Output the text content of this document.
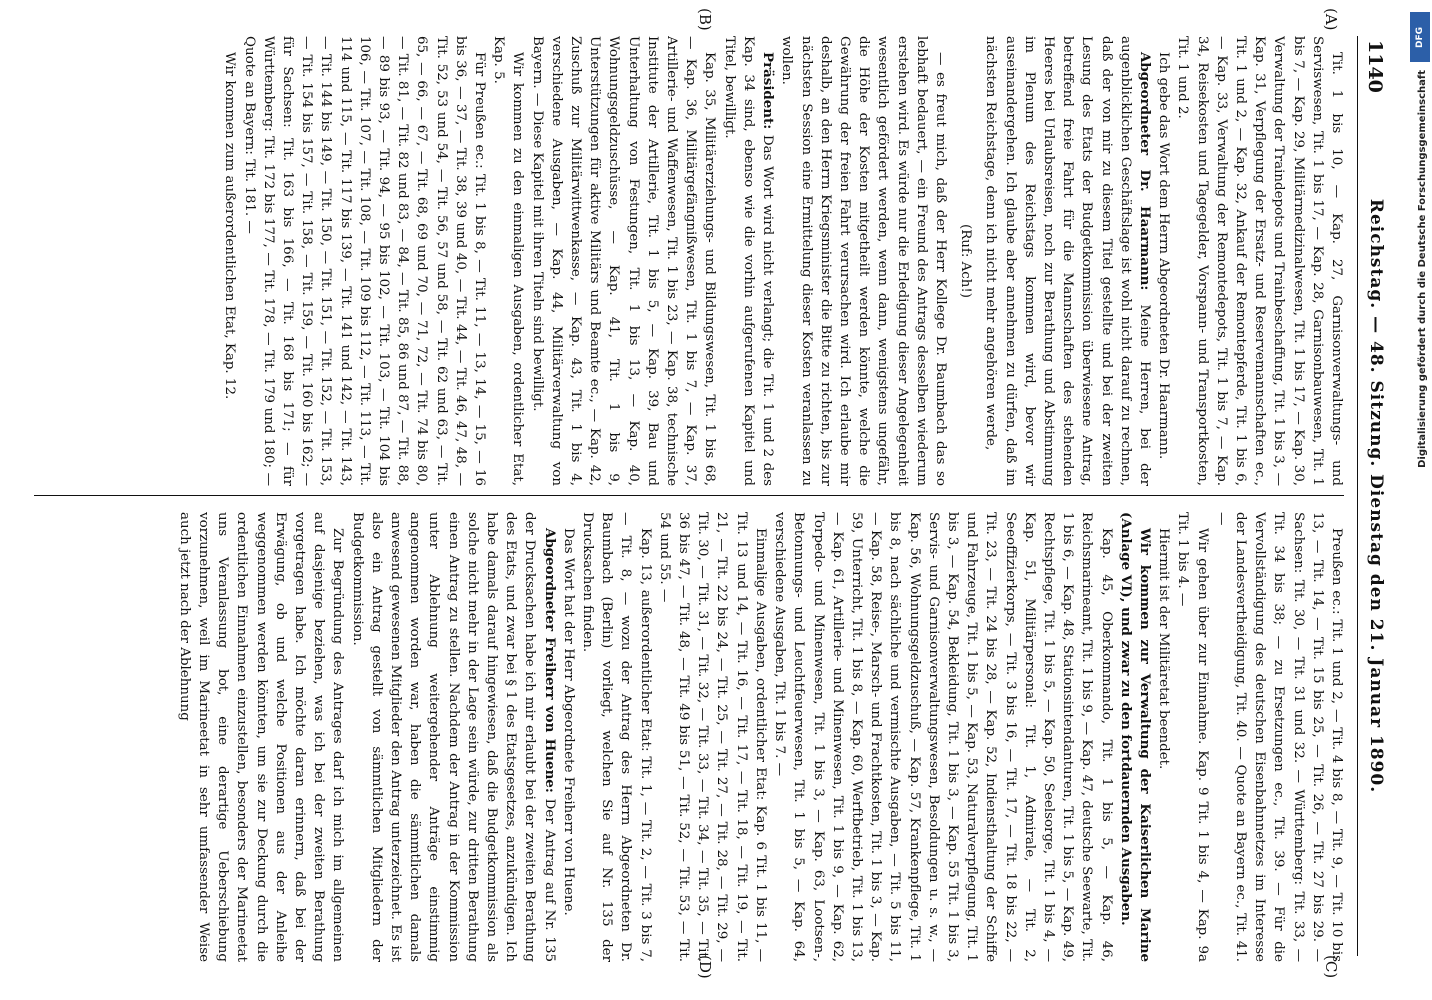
1140
Reichstag. — 48. Sitzung. Dienstag den 21. Januar 1890.
(A)
(B)
(C)
(D)

Tit. 1 bis 10, — Kap. 27, Garnisonverwaltungs- und Serviswesen, Tit. 1 bis 17, — Kap. 28, Garnisonbauwesen, Tit. 1 bis 7, — Kap. 29, Militärmedizinalwesen, Tit. 1 bis 17, — Kap. 30, Verwaltung der Traindepots und Trainbeschaffung, Tit. 1 bis 3, — Kap. 31, Verpflegung der Ersatz- und Reservemannschaften ec., Tit. 1 und 2, — Kap. 32, Ankauf der Remontepferde, Tit. 1 bis 6, — Kap. 33, Verwaltung der Remontedepots, Tit. 1 bis 7, — Kap. 34, Reisekosten und Tagegelder, Vorspann- und Transportkosten, Tit. 1 und 2.

Ich gebe das Wort dem Herrn Abgeordneten Dr. Haarmann.

Abgeordneter Dr. Haarmann: Meine Herren, bei der augenblicklichen Geschäftslage ist wohl nicht darauf zu rechnen, daß der von mir zu diesem Titel gestellte und bei der zweiten Lesung des Etats der Budgetkommission überwiesene Antrag, betreffend freie Fahrt für die Mannschaften des stehenden Heeres bei Urlaubsreisen, noch zur Berathung und Abstimmung im Plenum des Reichstags kommen wird, bevor wir auseinandergehen. Ich glaube aber annehmen zu dürfen, daß im nächsten Reichstage, denn ich nicht mehr angehören werde,

(Ruf: Ach!)

— es freut mich, daß der Herr Kollege Dr. Baumbach das so lebhaft bedauert, — ein Freund des Antrags desselben wiederum erstehen wird. Es würde nur die Erledigung dieser Angelegenheit wesentlich gefördert werden, wenn dann, wenigstens ungefähr, die Höhe der Kosten mitgetheilt werden könnte, welche die Gewährung der freien Fahrt verursachen wird. Ich erlaube mir deshalb, an den Herrn Kriegsminister die Bitte zu richten, bis zur nächsten Session eine Ermittelung dieser Kosten veranlassen zu wollen.

Präsident: Das Wort wird nicht verlangt; die Tit. 1 und 2 des Kap. 34 sind, ebenso wie die vorhin aufgerufenen Kapitel und Titel, bewilligt.

Kap. 35, Militärerziehungs- und Bildungswesen, Tit. 1 bis 68, — Kap. 36, Militärgefängnißwesen, Tit. 1 bis 7, — Kap. 37, Artillerie- und Waffenwesen, Tit. 1 bis 23, — Kap. 38, technische Institute der Artillerie, Tit. 1 bis 5, — Kap. 39, Bau und Unterhaltung von Festungen, Tit. 1 bis 13, — Kap. 40, Wohnungsgeldzuschüsse, — Kap. 41, Tit. 1 bis 9, Unterstützungen für aktive Militärs und Beamte ec., — Kap. 42, Zuschuß zur Militärwittwenkasse, — Kap. 43, Tit. 1 bis 4, verschiedene Ausgaben, — Kap. 44, Militärverwaltung von Bayern. — Diese Kapitel mit ihren Titeln sind bewilligt.

Wir kommen zu den einmaligen Ausgaben, ordentlicher Etat, Kap. 5.

Für Preußen ec.: Tit. 1 bis 8, — Tit. 11, — 13, 14, — 15, — 16 bis 36, — 37, — Tit. 38, 39 und 40, — Tit. 44, — Tit. 46, 47, 48, — Tit. 52, 53 und 54, — Tit. 56, 57 und 58, — Tit. 62 und 63, — Tit. 65, — 66, — 67, — Tit. 68, 69 und 70, — 71, 72, — Tit. 74 bis 80, — Tit. 81, — Tit. 82 und 83, — 84, — Tit. 85, 86 und 87, — Tit. 88, — 89 bis 93, — Tit. 94, — 95 bis 102, — Tit. 103, — Tit. 104 bis 106, — Tit. 107, — Tit. 108, — Tit. 109 bis 112, — Tit. 113, — Tit. 114 und 115, — Tit. 117 bis 139, — Tit. 141 und 142, — Tit. 143, — Tit. 144 bis 149, — Tit. 150, — Tit. 151, — Tit. 152, — Tit. 153, — Tit. 154 bis 157, — Tit. 158, — Tit. 159, — Tit. 160 bis 162; — für Sachsen: Tit. 163 bis 166, — Tit. 168 bis 171; — für Württemberg: Tit. 172 bis 177, — Tit. 178, — Tit. 179 und 180; — Quote an Bayern: Tit. 181. —

Wir kommen zum außerordentlichen Etat, Kap. 12.

Preußen ec.: Tit. 1 und 2, — Tit. 4 bis 8, — Tit. 9, — Tit. 10 bis 13, — Tit. 14, — Tit. 15 bis 25, — Tit. 26, — Tit. 27 bis 29. — Sachsen: Tit. 30, — Tit. 31 und 32. — Württemberg: Tit. 33, — Tit. 34 bis 38; — zu Ersetzungen ec., Tit. 39. — Für die Vervollständigung des deutschen Eisenbahnnetzes im Interesse der Landesvertheidigung, Tit. 40. — Quote an Bayern ec., Tit. 41. —

Wir gehen über zur Einnahme. Kap. 9 Tit. 1 bis 4, — Kap. 9a Tit. 1 bis 4. —

Hiermit ist der Militäretat beendet.

Wir kommen zur Verwaltung der Kaiserlichen Marine (Anlage VI), und zwar zu den fortdauernden Ausgaben.

Kap. 45, Oberkommando, Tit. 1 bis 5, — Kap. 46, Reichsmarineamt, Tit. 1 bis 9, — Kap. 47, deutsche Seewarte, Tit. 1 bis 6, — Kap. 48, Stationsintendanturen, Tit. 1 bis 5, — Kap. 49, Rechtspflege, Tit. 1 bis 5, — Kap. 50, Seelsorge, Tit. 1 bis 4, — Kap. 51, Militärpersonal: Tit. 1, Admirale, — Tit. 2, Seeoffizierkorps, — Tit. 3 bis 16, — Tit. 17, — Tit. 18 bis 22, — Tit. 23, — Tit. 24 bis 28, — Kap. 52, Indiensthaltung der Schiffe und Fahrzeuge, Tit. 1 bis 5, — Kap. 53, Naturalverpflegung, Tit. 1 bis 3, — Kap. 54, Bekleidung, Tit. 1 bis 3, — Kap. 55 Tit. 1 bis 3, Servis- und Garnisonverwaltungswesen, Besoldungen u. s. w., — Kap. 56, Wohnungsgeldzuschuß, — Kap. 57, Krankenpflege, Tit. 1 bis 8, nach sächliche und vermischte Ausgaben, — Tit. 5 bis 11, — Kap. 58, Reise-, Marsch- und Frachtkosten, Tit. 1 bis 3, — Kap. 59, Unterricht, Tit. 1 bis 8, — Kap. 60, Werftbetrieb, Tit. 1 bis 13, — Kap. 61, Artillerie- und Minenwesen, Tit. 1 bis 9, — Kap. 62, Torpedo- und Minenwesen, Tit. 1 bis 3, — Kap. 63, Lootsen-, Betonnungs- und Leuchtfeuerwesen, Tit. 1 bis 5, — Kap. 64, verschiedene Ausgaben, Tit. 1 bis 7. —

Einmalige Ausgaben, ordentlicher Etat: Kap. 6 Tit. 1 bis 11, — Tit. 13 und 14, — Tit. 16, — Tit. 17, — Tit. 18, — Tit. 19, — Tit. 21, — Tit. 22 bis 24, — Tit. 25, — Tit. 27, — Tit. 28, — Tit. 29, — Tit. 30, — Tit. 31, — Tit. 32, — Tit. 33, — Tit. 34, — Tit. 35, — Tit. 36 bis 47, — Tit. 48, — Tit. 49 bis 51, — Tit. 52, — Tit. 53, — Tit. 54 und 55. —

Kap. 13, außerordentlicher Etat: Tit. 1, — Tit. 2, — Tit. 3 bis 7, — Tit. 8, — wozu der Antrag des Herrn Abgeordneten Dr. Baumbach (Berlin) vorliegt, welchen Sie auf Nr. 135 der Drucksachen finden.

Das Wort hat der Herr Abgeordnete Freiherr von Huene.

Abgeordneter Freiherr von Huene: Der Antrag auf Nr. 135 der Drucksachen habe ich mir erlaubt bei der zweiten Berathung des Etats, und zwar bei § 1 des Etatsgesetzes, anzukündigen. Ich habe damals darauf hingewiesen, daß die Budgetkommission als solche nicht mehr in der Lage sein würde, zur dritten Berathung einen Antrag zu stellen. Nachdem der Antrag in der Kommission unter Ablehnung weitergehender Anträge einstimmig angenommen worden war, haben die sämmtlichen damals anwesend gewesenen Mitglieder den Antrag unterzeichnet. Es ist also ein Antrag gestellt von sämmtlichen Mitgliedern der Budgetkommission.

Zur Begründung des Antrages darf ich mich im allgemeinen auf dasjenige beziehen, was ich bei der zweiten Berathung vorgetragen habe. Ich möchte daran erinnern, daß bei der Erwägung, ob und welche Positionen aus der Anleihe weggenommen werden könnten, um sie zur Deckung durch die ordentlichen Einnahmen einzustellen, besonders der Marineetat uns Veranlassung bot, eine derartige Ueberschiebung vorzunehmen, weil im Marineetat in sehr umfassender Weise auch jetzt nach der Ablehnung

DFG
Digitalisierung gefördert durch die Deutsche Forschungsgemeinschaft
